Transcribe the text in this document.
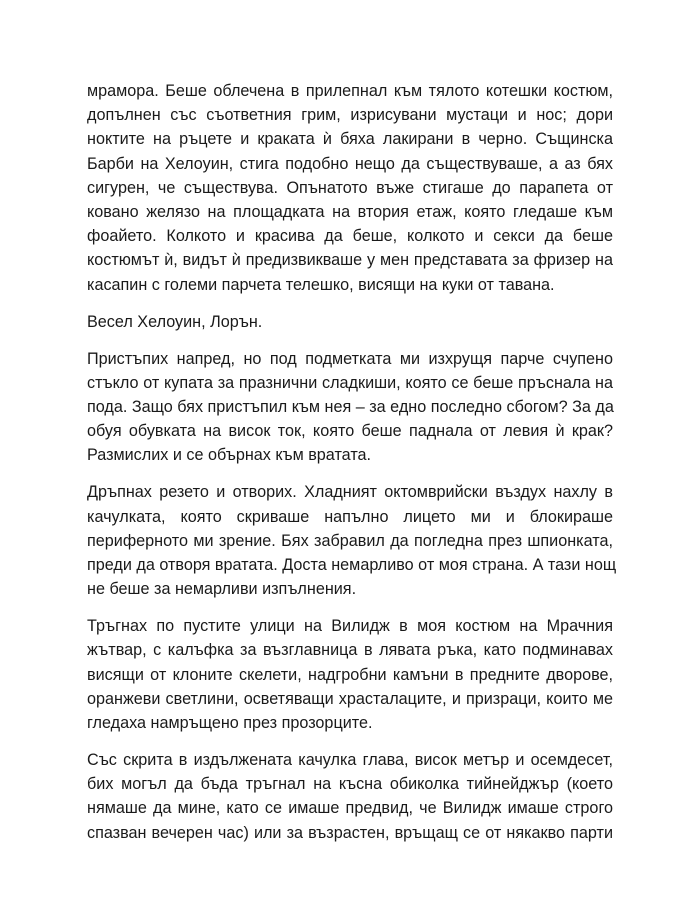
мрамора. Беше облечена в прилепнал към тялото котешки костюм,
допълнен със съответния грим, изрисувани мустаци и нос; дори
ноктите на ръцете и краката ѝ бяха лакирани в черно. Същинска
Барби на Хелоуин, стига подобно нещо да съществуваше, а аз бях
сигурен, че съществува. Опънатото въже стигаше до парапета от
ковано желязо на площадката на втория етаж, която гледаше към
фоайето. Колкото и красива да беше, колкото и секси да беше
костюмът ѝ, видът ѝ предизвикваше у мен представата за фризер на
касапин с големи парчета телешко, висящи на куки от тавана.

Весел Хелоуин, Лорън.

Пристъпих напред, но под подметката ми изхрущя парче счупено
стъкло от купата за празнични сладкиши, която се беше пръснала на
пода. Защо бях пристъпил към нея – за едно последно сбогом? За да
обуя обувката на висок ток, която беше паднала от левия ѝ крак?
Размислих и се обърнах към вратата.

Дръпнах резето и отворих. Хладният октомврийски въздух нахлу в
качулката, която скриваше напълно лицето ми и блокираше
периферното ми зрение. Бях забравил да погледна през шпионката,
преди да отворя вратата. Доста немарливо от моя страна. А тази нощ
не беше за немарливи изпълнения.

Тръгнах по пустите улици на Вилидж в моя костюм на Мрачния
жътвар, с калъфка за възглавница в лявата ръка, като подминавах
висящи от клоните скелети, надгробни камъни в предните дворове,
оранжеви светлини, осветяващи храсталаците, и призраци, които ме
гледаха намръщено през прозорците.

Със скрита в издължената качулка глава, висок метър и осемдесет,
бих могъл да бъда тръгнал на късна обиколка тийнейджър (което
нямаше да мине, като се имаше предвид, че Вилидж имаше строго
спазван вечерен час) или за възрастен, връщащ се от някакво парти
